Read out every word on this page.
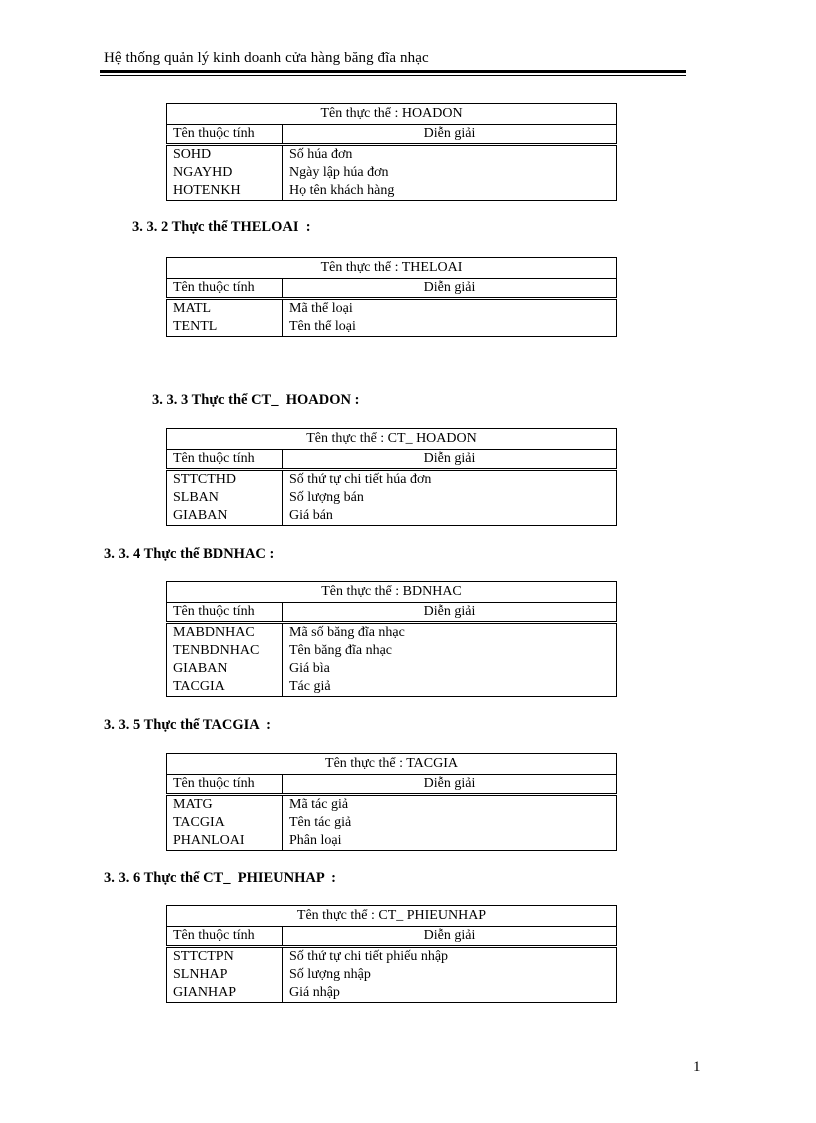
Hệ thống quản lý kinh doanh cửa hàng băng đĩa nhạc
Tên thực thể : HOADON	
Tên thuộc tính	Diễn giải
SOHD	Số húa đơn
NGAYHD	Ngày lập húa đơn
HOTENKH	Họ tên khách hàng
3. 3. 2 Thực thể THELOAI  :
Tên thực thể : THELOAI	
Tên thuộc tính	Diễn giải
MATL	Mã thể loại
TENTL	Tên thể loại
3. 3. 3 Thực thể CT_  HOADON :
Tên thực thể : CT_ HOADON	
Tên thuộc tính	Diễn giải
STTCTHD	Số thứ tự chi tiết húa đơn
SLBAN	Số lượng bán
GIABAN	Giá bán
3. 3. 4 Thực thể BDNHAC :
Tên thực thể : BDNHAC	
Tên thuộc tính	Diễn giải
MABDNHAC	Mã số băng đĩa nhạc
TENBDNHAC	Tên băng đĩa nhạc
GIABAN	Giá bìa
TACGIA	Tác giả
3. 3. 5 Thực thể TACGIA  :
Tên thực thể : TACGIA	
Tên thuộc tính	Diễn giải
MATG	Mã tác giả
TACGIA	Tên tác giả
PHANLOAI	Phân loại
3. 3. 6 Thực thể CT_  PHIEUNHAP  :
Tên thực thể : CT_ PHIEUNHAP	
Tên thuộc tính	Diễn giải
STTCTPN	Số thứ tự chi tiết phiếu nhập
SLNHAP	Số lượng nhập
GIANHAP	Giá nhập
1
